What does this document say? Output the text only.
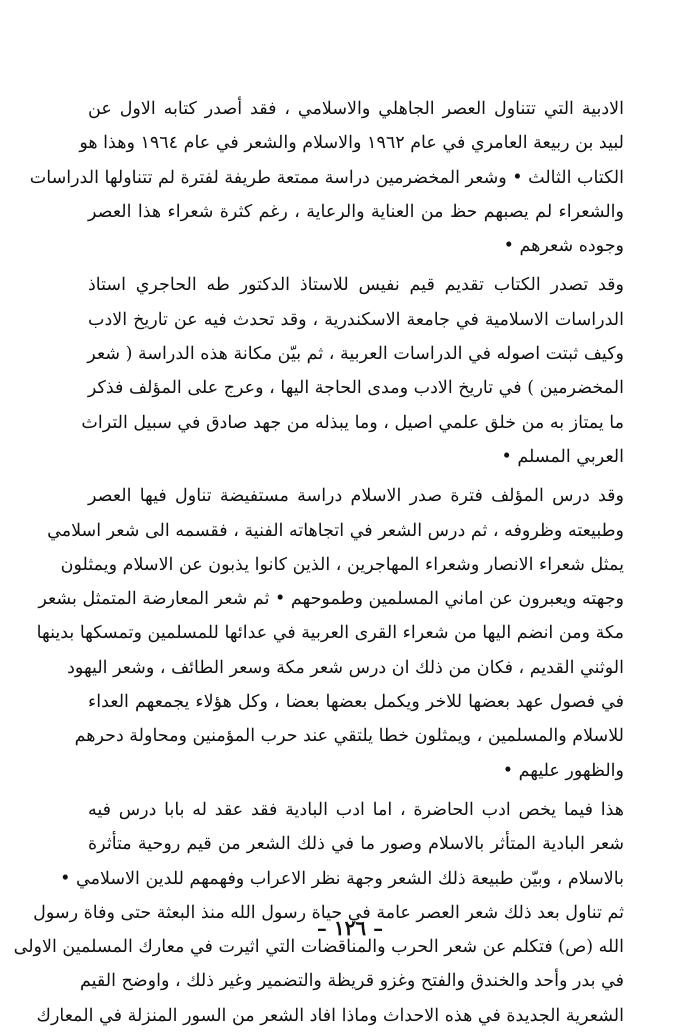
الادبية التي تتناول العصر الجاهلي والاسلامي ، فقد أصدر كتابه الاول عن
لبيد بن ربيعة العامري في عام ١٩٦٢ والاسلام والشعر في عام ١٩٦٤ وهذا هو
الكتاب الثالث • وشعر المخضرمين دراسة ممتعة طريفة لفترة لم تتناولها الدراسات
والشعراء لم يصبهم حظ من العناية والرعاية ، رغم كثرة شعراء هذا العصر
وجوده شعرهم •

وقد تصدر الكتاب تقديم قيم نفيس للاستاذ الدكتور طه الحاجري استاذ
الدراسات الاسلامية في جامعة الاسكندرية ، وقد تحدث فيه عن تاريخ الادب
وكيف ثبتت اصوله في الدراسات العربية ، ثم بيّن مكانة هذه الدراسة ( شعر
المخضرمين ) في تاريخ الادب ومدى الحاجة اليها ، وعرج على المؤلف فذكر
ما يمتاز به من خلق علمي اصيل ، وما يبذله من جهد صادق في سبيل التراث
العربي المسلم •

وقد درس المؤلف فترة صدر الاسلام دراسة مستفيضة تناول فيها العصر
وطبيعته وظروفه ، ثم درس الشعر في اتجاهاته الفنية ، فقسمه الى شعر اسلامي
يمثل شعراء الانصار وشعراء المهاجرين ، الذين كانوا يذبون عن الاسلام ويمثلون
وجهته ويعبرون عن اماني المسلمين وطموحهم • ثم شعر المعارضة المتمثل بشعر
مكة ومن انضم اليها من شعراء القرى العربية في عدائها للمسلمين وتمسكها بدينها
الوثني القديم ، فكان من ذلك ان درس شعر مكة وسعر الطائف ، وشعر اليهود
في فصول عهد بعضها للاخر ويكمل بعضها بعضا ، وكل هؤلاء يجمعهم العداء
للاسلام والمسلمين ، ويمثلون خطا يلتقي عند حرب المؤمنين ومحاولة دحرهم
والظهور عليهم •

هذا فيما يخص ادب الحاضرة ، اما ادب البادية فقد عقد له بابا درس فيه
شعر البادية المتأثر بالاسلام وصور ما في ذلك الشعر من قيم روحية متأثرة
بالاسلام ، وبيّن طبيعة ذلك الشعر وجهة نظر الاعراب وفهمهم للدين الاسلامي •
ثم تناول بعد ذلك شعر العصر عامة في حياة رسول الله منذ البعثة حتى وفاة رسول
الله (ص) فتكلم عن شعر الحرب والمناقضات التي اثيرت في معارك المسلمين الاولى
في بدر وأحد والخندق والفتح وغزو قريظة والتضمير وغير ذلك ، واوضح القيم
الشعرية الجديدة في هذه الاحداث وماذا افاد الشعر من السور المنزلة في المعارك

– ١٢٦ –
